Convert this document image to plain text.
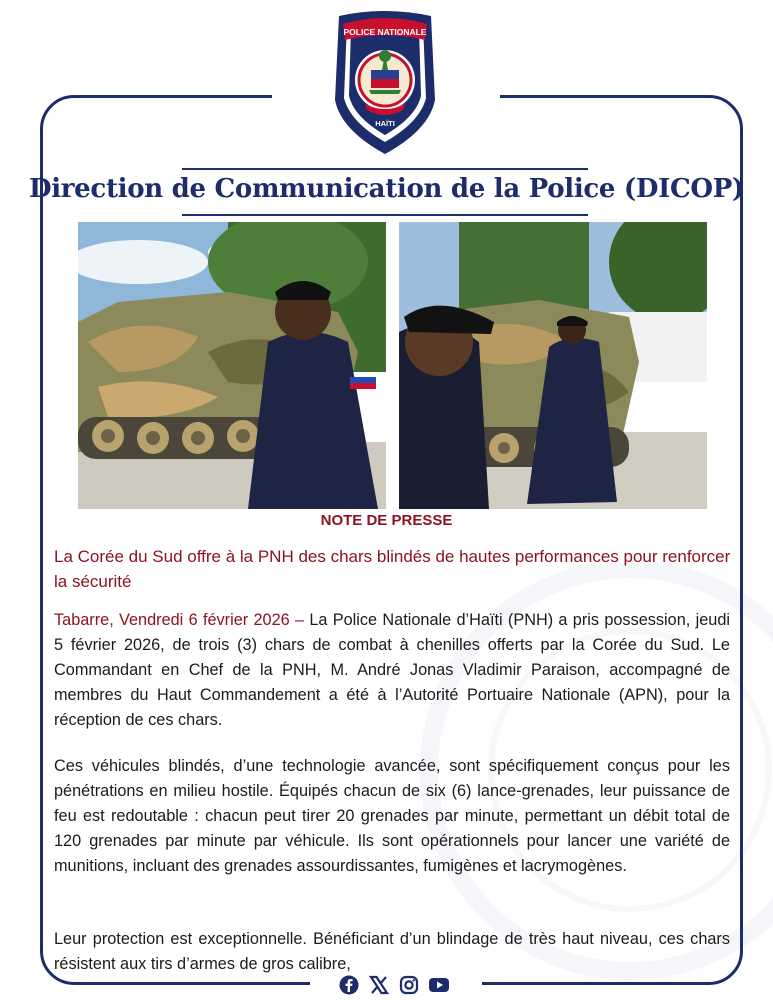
POLICE NATIONALE
HAÏTI
Direction de Communication de la Police (DICOP)
NOTE DE PRESSE
La Corée du Sud offre à la PNH des chars blindés de hautes performances pour renforcer la sécurité
Tabarre, Vendredi 6 février 2026 – La Police Nationale d’Haïti (PNH) a pris possession, jeudi 5 février 2026, de trois (3) chars de combat à chenilles offerts par la Corée du Sud. Le Commandant en Chef de la PNH, M. André Jonas Vladimir Paraison, accompagné de membres du Haut Commandement a été à l’Autorité Portuaire Nationale (APN), pour la réception de ces chars.
Ces véhicules blindés, d’une technologie avancée, sont spécifiquement conçus pour les pénétrations en milieu hostile. Équipés chacun de six (6) lance-grenades, leur puissance de feu est redoutable : chacun peut tirer 20 grenades par minute, permettant un débit total de 120 grenades par minute par véhicule. Ils sont opérationnels pour lancer une variété de munitions, incluant des grenades assourdissantes, fumigènes et lacrymogènes.
Leur protection est exceptionnelle. Bénéficiant d’un blindage de très haut niveau, ces chars résistent aux tirs d’armes de gros calibre,
